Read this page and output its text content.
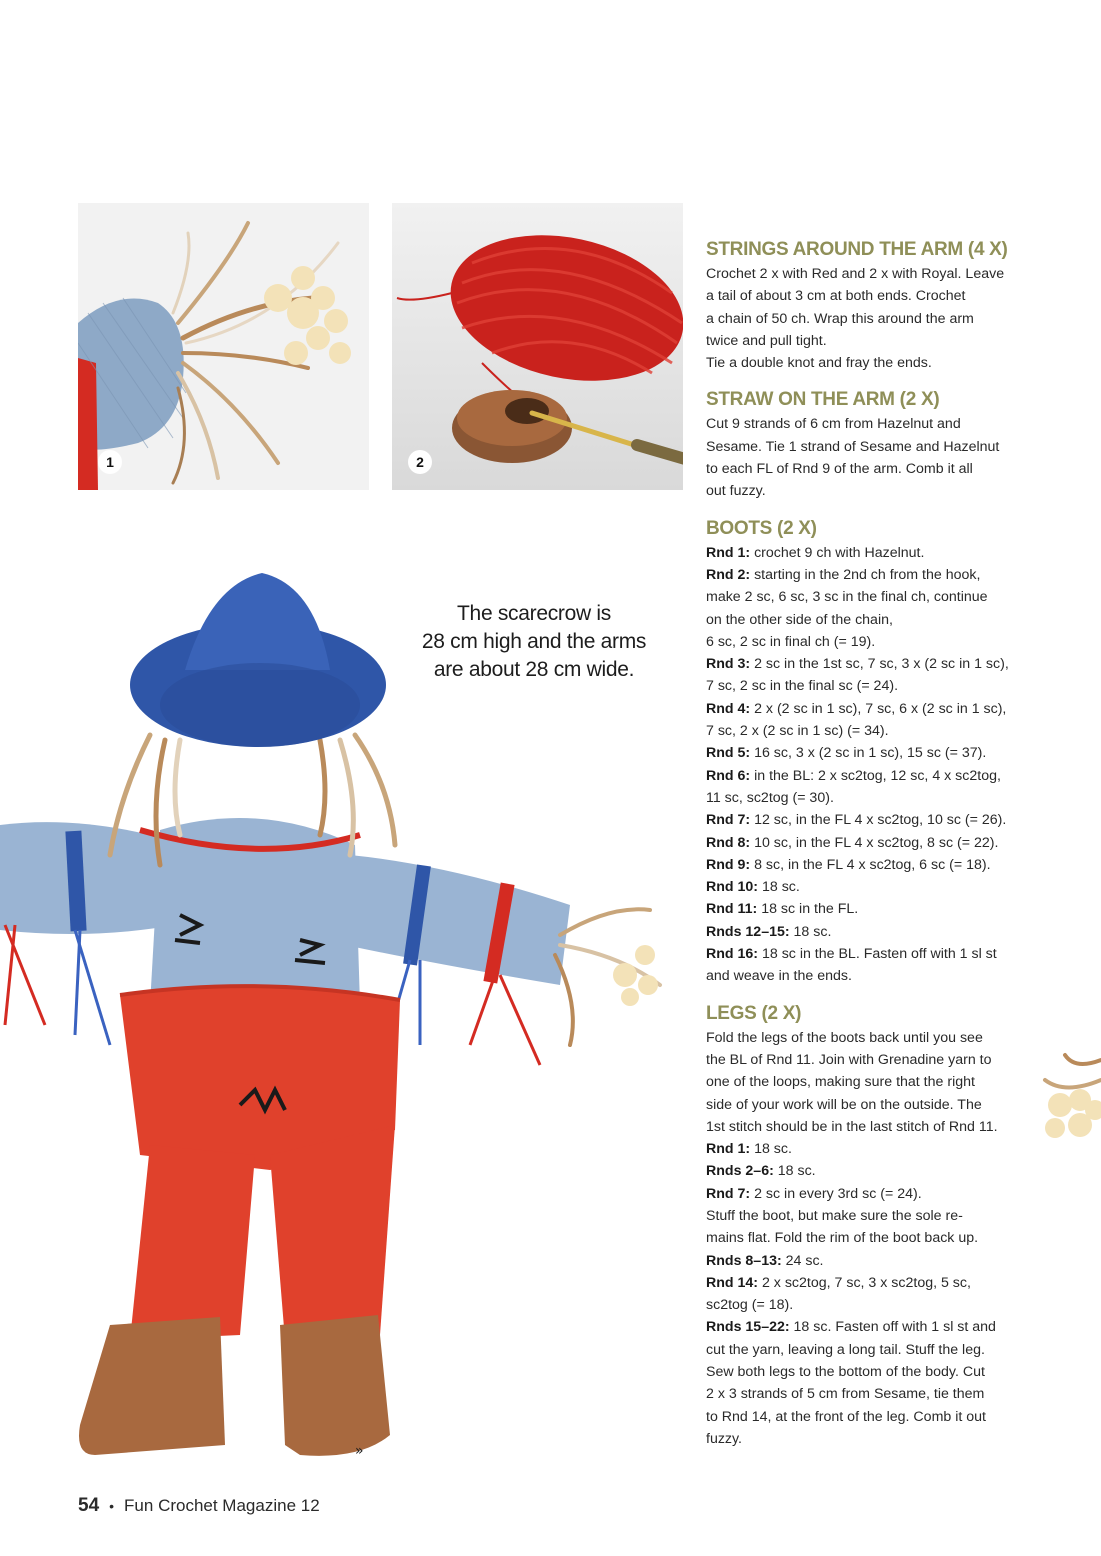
1	2
The scarecrow is
28 cm high and the arms
are about 28 cm wide.
»
STRINGS AROUND THE ARM (4 X)
Crochet 2 x with Red and 2 x with Royal. Leave
a tail of about 3 cm at both ends. Crochet
a chain of 50 ch. Wrap this around the arm
twice and pull tight.
Tie a double knot and fray the ends.
STRAW ON THE ARM (2 X)
Cut 9 strands of 6 cm from Hazelnut and
Sesame. Tie 1 strand of Sesame and Hazelnut
to each FL of Rnd 9 of the arm. Comb it all
out fuzzy.
BOOTS (2 X)
Rnd 1: crochet 9 ch with Hazelnut.
Rnd 2: starting in the 2nd ch from the hook,
make 2 sc, 6 sc, 3 sc in the final ch, continue
on the other side of the chain,
6 sc, 2 sc in final ch (= 19).
Rnd 3: 2 sc in the 1st sc, 7 sc, 3 x (2 sc in 1 sc),
7 sc, 2 sc in the final sc (= 24).
Rnd 4: 2 x (2 sc in 1 sc), 7 sc, 6 x (2 sc in 1 sc),
7 sc, 2 x (2 sc in 1 sc) (= 34).
Rnd 5: 16 sc, 3 x (2 sc in 1 sc), 15 sc (= 37).
Rnd 6: in the BL: 2 x sc2tog, 12 sc, 4 x sc2tog,
11 sc, sc2tog (= 30).
Rnd 7: 12 sc, in the FL 4 x sc2tog, 10 sc (= 26).
Rnd 8: 10 sc, in the FL 4 x sc2tog, 8 sc (= 22).
Rnd 9: 8 sc, in the FL 4 x sc2tog, 6 sc (= 18).
Rnd 10: 18 sc.
Rnd 11: 18 sc in the FL.
Rnds 12–15: 18 sc.
Rnd 16: 18 sc in the BL. Fasten off with 1 sl st
and weave in the ends.
LEGS (2 X)
Fold the legs of the boots back until you see
the BL of Rnd 11. Join with Grenadine yarn to
one of the loops, making sure that the right
side of your work will be on the outside. The
1st stitch should be in the last stitch of Rnd 11.
Rnd 1: 18 sc.
Rnds 2–6: 18 sc.
Rnd 7: 2 sc in every 3rd sc (= 24).
Stuff the boot, but make sure the sole re-
mains flat. Fold the rim of the boot back up.
Rnds 8–13: 24 sc.
Rnd 14: 2 x sc2tog, 7 sc, 3 x sc2tog, 5 sc,
sc2tog (= 18).
Rnds 15–22: 18 sc. Fasten off with 1 sl st and
cut the yarn, leaving a long tail. Stuff the leg.
Sew both legs to the bottom of the body. Cut
2 x 3 strands of 5 cm from Sesame, tie them
to Rnd 14, at the front of the leg. Comb it out
fuzzy.
54 • Fun Crochet Magazine 12
